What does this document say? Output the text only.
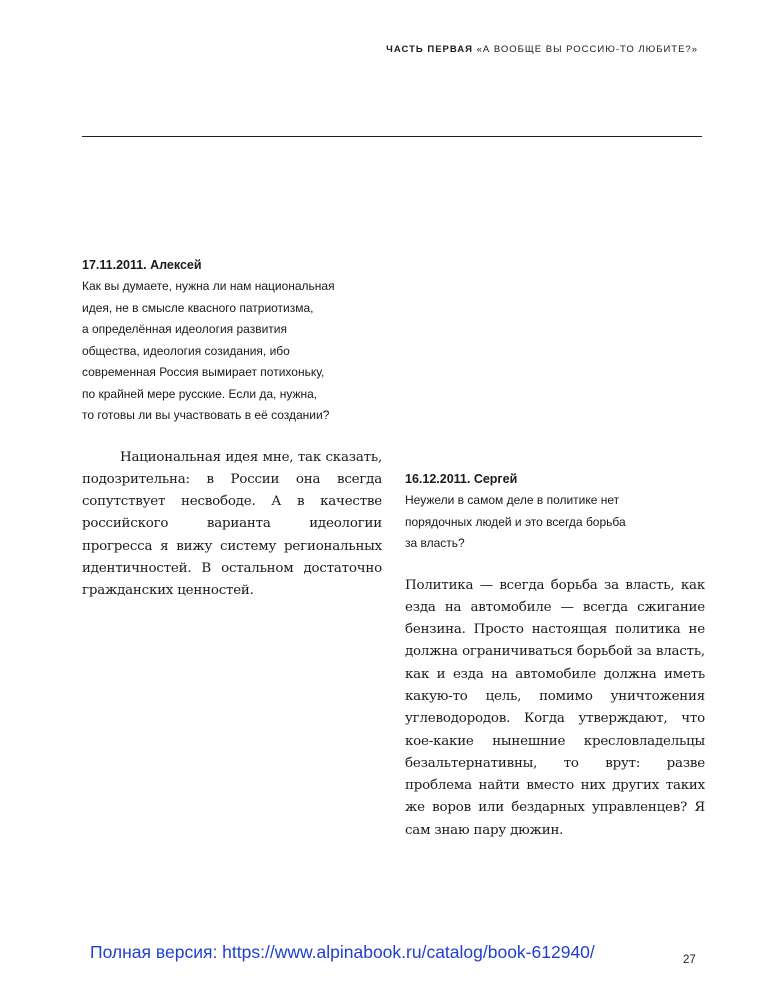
ЧАСТЬ ПЕРВАЯ «А ВООБЩЕ ВЫ РОССИЮ-ТО ЛЮБИТЕ?»
17.11.2011. Алексей
Как вы думаете, нужна ли нам национальная
идея, не в смысле квасного патриотизма,
а определённая идеология развития
общества, идеология созидания, ибо
современная Россия вымирает потихоньку,
по крайней мере русские. Если да, нужна,
то готовы ли вы участвовать в её создании?

Национальная идея мне, так сказать, подозрительна: в России она всегда сопутствует несвободе. А в качестве российского варианта идеологии прогресса я вижу систему региональных идентичностей. В остальном достаточно гражданских ценностей.

16.12.2011. Сергей
Неужели в самом деле в политике нет
порядочных людей и это всегда борьба
за власть?

Политика — всегда борьба за власть, как езда на автомобиле — всегда сжигание бензина. Просто настоящая политика не должна ограничиваться борьбой за власть, как и езда на автомобиле должна иметь какую-то цель, помимо уничтожения углеводородов. Когда утверждают, что кое-какие нынешние кресловладельцы безальтернативны, то врут: разве проблема найти вместо них других таких же воров или бездарных управленцев? Я сам знаю пару дюжин.

Полная версия: https://www.alpinabook.ru/catalog/book-612940/	27
